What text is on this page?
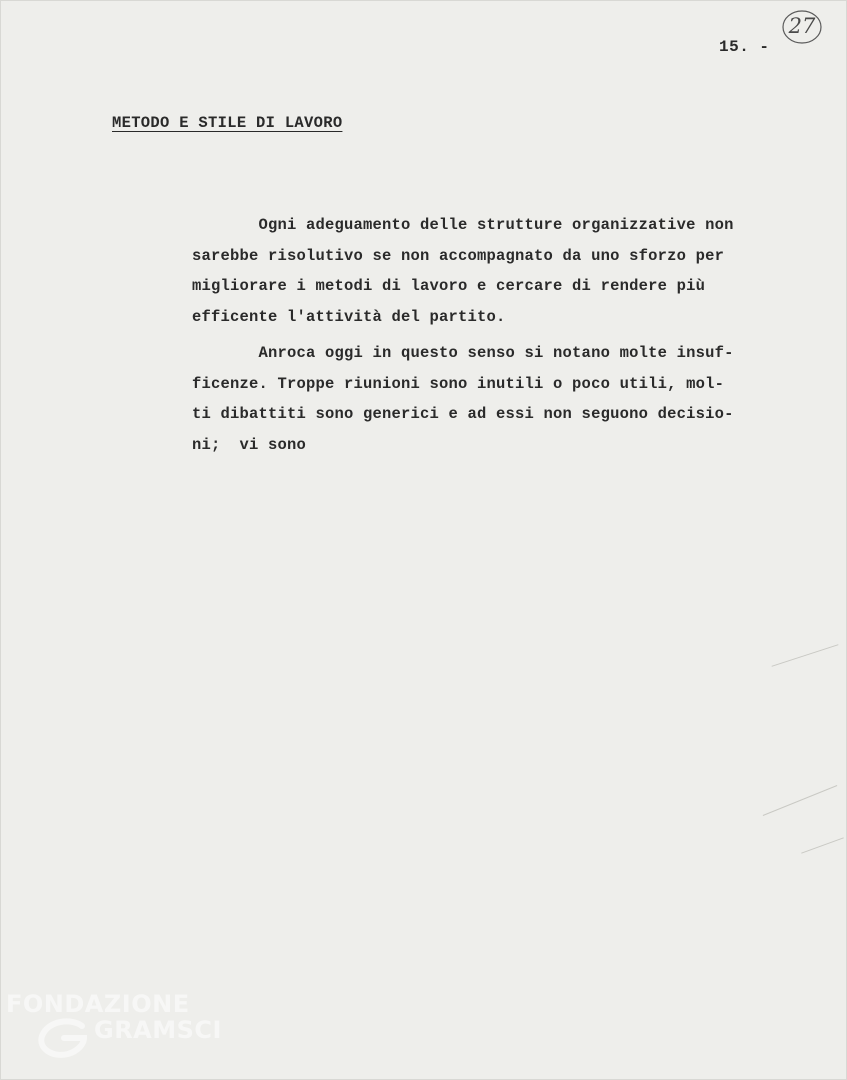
15. -
27
METODO E STILE DI LAVORO

Ogni adeguamento delle strutture organizzative non
sarebbe risolutivo se non accompagnato da uno sforzo per
migliorare i metodi di lavoro e cercare di rendere più
efficente l'attività del partito.

Anroca oggi in questo senso si notano molte insuf-
ficenze. Troppe riunioni sono inutili o poco utili, mol-
ti dibattiti sono generici e ad essi non seguono decisio-
ni;  vi sono

FONDAZIONE
GRAMSCI
